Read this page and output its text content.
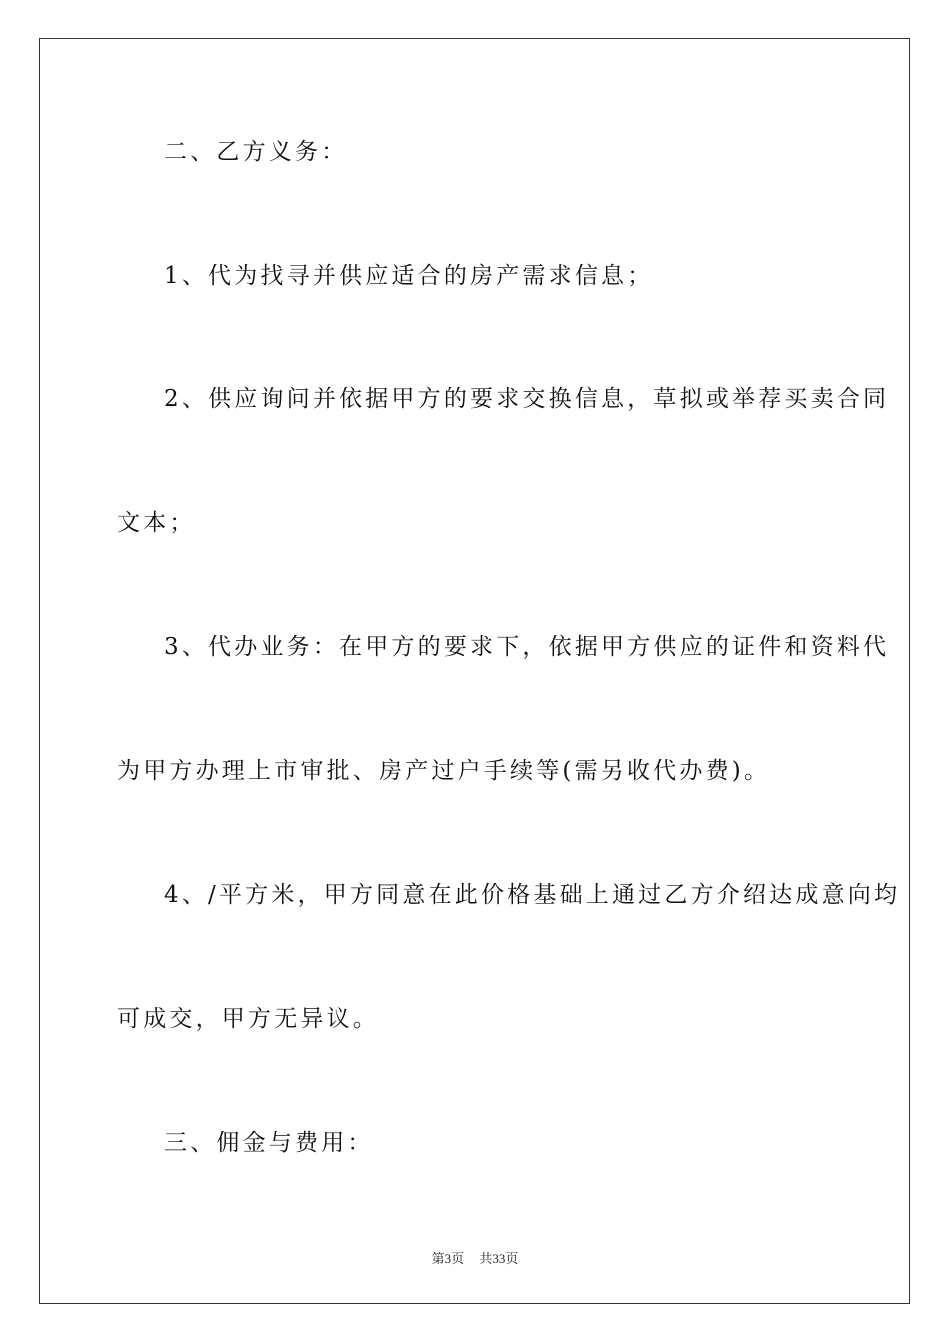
二、乙方义务：
1、代为找寻并供应适合的房产需求信息；
2、供应询问并依据甲方的要求交换信息，草拟或举荐买卖合同
文本；
3、代办业务：在甲方的要求下，依据甲方供应的证件和资料代
为甲方办理上市审批、房产过户手续等(需另收代办费)。
4、/平方米，甲方同意在此价格基础上通过乙方介绍达成意向均
可成交，甲方无异议。
三、佣金与费用：
第3页 共33页
